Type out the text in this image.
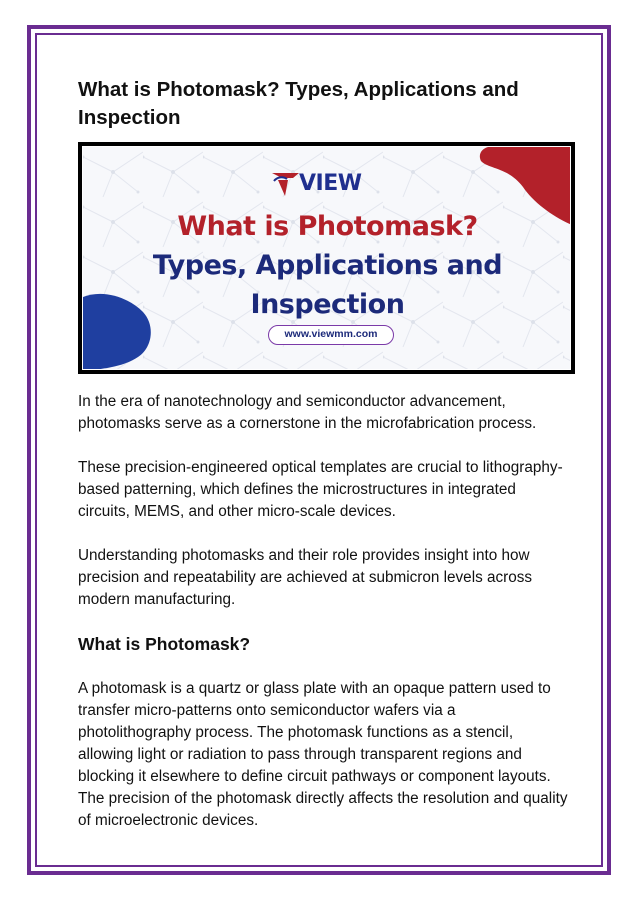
What is Photomask? Types, Applications and Inspection
VIEW
What is Photomask?
Types, Applications and
Inspection
www.viewmm.com

In the era of nanotechnology and semiconductor advancement, photomasks serve as a cornerstone in the microfabrication process.

These precision-engineered optical templates are crucial to lithography-based patterning, which defines the microstructures in integrated circuits, MEMS, and other micro-scale devices.

Understanding photomasks and their role provides insight into how precision and repeatability are achieved at submicron levels across modern manufacturing.

What is Photomask?

A photomask is a quartz or glass plate with an opaque pattern used to transfer micro-patterns onto semiconductor wafers via a photolithography process. The photomask functions as a stencil, allowing light or radiation to pass through transparent regions and blocking it elsewhere to define circuit pathways or component layouts. The precision of the photomask directly affects the resolution and quality of microelectronic devices.
